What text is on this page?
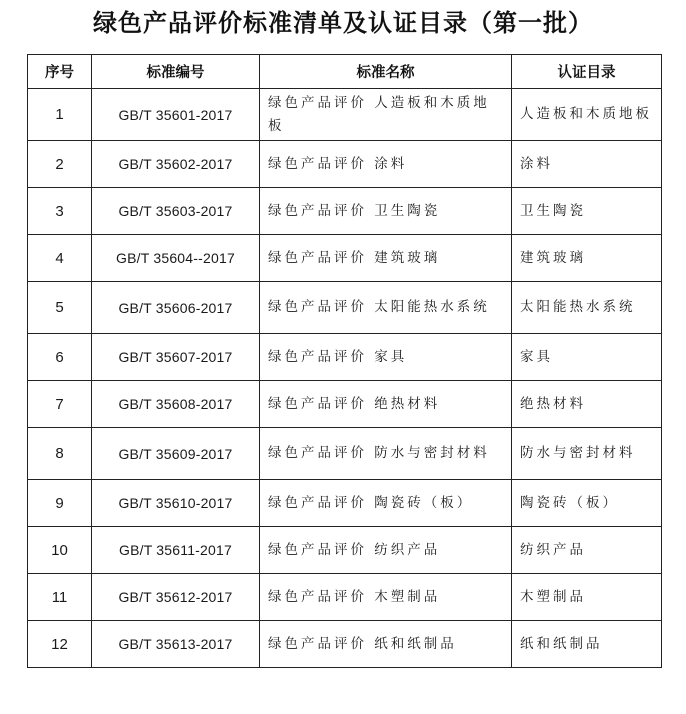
绿色产品评价标准清单及认证目录（第一批）
序号	标准编号	标准名称	认证目录
1	GB/T 35601-2017	绿色产品评价 人造板和木质地板	人造板和木质地板
2	GB/T 35602-2017	绿色产品评价 涂料	涂料
3	GB/T 35603-2017	绿色产品评价 卫生陶瓷	卫生陶瓷
4	GB/T 35604--2017	绿色产品评价 建筑玻璃	建筑玻璃
5	GB/T 35606-2017	绿色产品评价 太阳能热水系统	太阳能热水系统
6	GB/T 35607-2017	绿色产品评价 家具	家具
7	GB/T 35608-2017	绿色产品评价 绝热材料	绝热材料
8	GB/T 35609-2017	绿色产品评价 防水与密封材料	防水与密封材料
9	GB/T 35610-2017	绿色产品评价 陶瓷砖（板）	陶瓷砖（板）
10	GB/T 35611-2017	绿色产品评价 纺织产品	纺织产品
11	GB/T 35612-2017	绿色产品评价 木塑制品	木塑制品
12	GB/T 35613-2017	绿色产品评价 纸和纸制品	纸和纸制品
